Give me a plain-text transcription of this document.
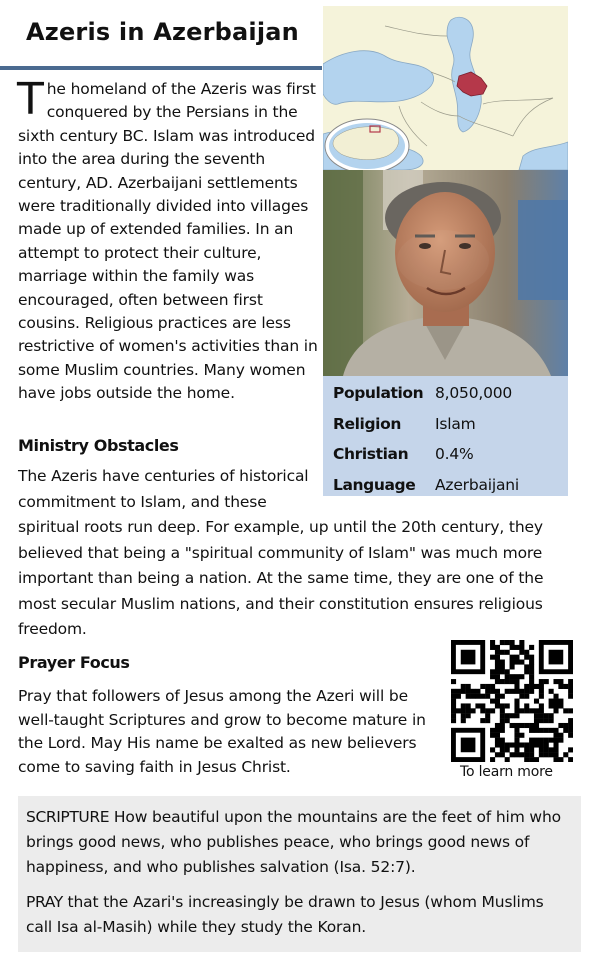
Azeris in Azerbaijan
Population 8,050,000
Religion	Islam
Christian	0.4%
Language	Azerbaijani
The homeland of the Azeris was first conquered by the Persians in the sixth century BC. Islam was introduced into the area during the seventh century, AD. Azerbaijani settlements were traditionally divided into villages made up of extended families. In an attempt to protect their culture, marriage within the family was encouraged, often between first cousins. Religious practices are less restrictive of women's activities than in some Muslim countries. Many women have jobs outside the home.
Ministry Obstacles
The Azeris have centuries of historical commitment to Islam, and these spiritual roots run deep. For example, up until the 20th century, they believed that being a "spiritual community of Islam" was much more important than being a nation. At the same time, they are one of the most secular Muslim nations, and their constitution ensures religious freedom.
Prayer Focus
Pray that followers of Jesus among the Azeri will be well-taught Scriptures and grow to become mature in the Lord. May His name be exalted as new believers come to saving faith in Jesus Christ.	To learn more

SCRIPTURE How beautiful upon the mountains are the feet of him who brings good news, who publishes peace, who brings good news of happiness, and who publishes salvation (Isa. 52:7).

PRAY that the Azari's increasingly be drawn to Jesus (whom Muslims call Isa al-Masih) while they study the Koran.
